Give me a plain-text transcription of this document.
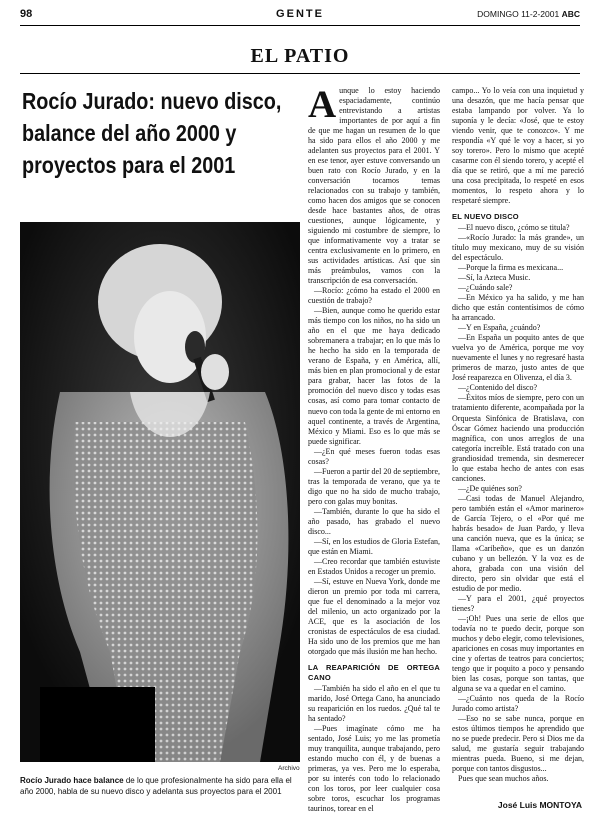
98	GENTE	DOMINGO 11-2-2001 ABC
EL PATIO
Rocío Jurado: nuevo disco,
balance del año 2000 y
proyectos para el 2001
Archivo
Rocío Jurado hace balance de lo que profesionalmente ha sido para ella el año 2000, habla de su nuevo disco y adelanta sus proyectos para el 2001

Aunque lo estoy haciendo espaciadamente, continúo entrevistando a artistas importantes de por aquí a fin de que me hagan un resumen de lo que ha sido para ellos el año 2000 y me adelanten sus proyectos para el 2001. Y en ese tenor, ayer estuve conversando un buen rato con Rocío Jurado, y en la conversación tocamos temas relacionados con su trabajo y también, como hacen dos amigos que se conocen desde hace bastantes años, de otras cuestiones, aunque lógicamente, y siguiendo mi costumbre de siempre, lo que informativamente voy a tratar se centra exclusivamente en lo primero, en sus actividades artísticas. Así que sin más preámbulos, vamos con la transcripción de esa conversación.

—Rocío: ¿cómo ha estado el 2000 en cuestión de trabajo?

—Bien, aunque como he querido estar más tiempo con los niños, no ha sido un año en el que me haya dedicado sobremanera a trabajar; en lo que más lo he hecho ha sido en la temporada de verano de España, y en América, allí, más bien en plan promocional y de estar para grabar, hacer las fotos de la promoción del nuevo disco y todas esas cosas, así como para tomar contacto de nuevo con toda la gente de mi entorno en aquel continente, a través de Argentina, México y Miami. Eso es lo que más se puede significar.

—¿En qué meses fueron todas esas cosas?

—Fueron a partir del 20 de septiembre, tras la temporada de verano, que ya te digo que no ha sido de mucho trabajo, pero con galas muy bonitas.

—También, durante lo que ha sido el año pasado, has grabado el nuevo disco...

—Sí, en los estudios de Gloria Estefan, que están en Miami.

—Creo recordar que también estuviste en Estados Unidos a recoger un premio.

—Sí, estuve en Nueva York, donde me dieron un premio por toda mi carrera, que fue el denominado a la mejor voz del milenio, un acto organizado por la ACE, que es la asociación de los cronistas de espectáculos de esa ciudad. Ha sido uno de los premios que me han otorgado que más ilusión me han hecho.

LA REAPARICIÓN DE ORTEGA CANO

—También ha sido el año en el que tu marido, José Ortega Cano, ha anunciado su reaparición en los ruedos. ¿Qué tal te ha sentado?

—Pues imagínate cómo me ha sentado, José Luis; yo me las prometía muy tranquilita, aunque trabajando, pero estando mucho con él, y de buenas a primeras, ya ves. Pero me lo esperaba, por su interés con todo lo relacionado con los toros, por leer cualquier cosa sobre toros, escuchar los programas taurinos, torear en el

campo... Yo lo veía con una inquietud y una desazón, que me hacía pensar que estaba lampando por volver. Ya lo suponía y le decía: «José, que te estoy viendo venir, que te conozco». Y me respondía «Y qué le voy a hacer, si yo soy torero». Pero lo mismo que acepté casarme con él siendo torero, y acepté el día que se retiró, que a mí me pareció una cosa precipitada, lo respeté en esos momentos, lo respeto ahora y lo respetaré siempre.

EL NUEVO DISCO

—El nuevo disco, ¿cómo se titula?

—«Rocío Jurado: la más grande», un título muy mexicano, muy de su visión del espectáculo.

—Porque la firma es mexicana...

—Sí, la Azteca Music.

—¿Cuándo sale?

—En México ya ha salido, y me han dicho que están contentísimos de cómo ha arrancado.

—Y en España, ¿cuándo?

—En España un poquito antes de que vuelva yo de América, porque me voy nuevamente el lunes y no regresaré hasta primeros de marzo, justo antes de que José reaparezca en Olivenza, el día 3.

—¿Contenido del disco?

—Éxitos míos de siempre, pero con un tratamiento diferente, acompañada por la Orquesta Sinfónica de Bratislava, con Óscar Gómez haciendo una producción magnífica, con unos arreglos de una categoría increíble. Está tratado con una grandiosidad tremenda, sin desmerecer lo que estaba hecho de antes con esas canciones.

—¿De quiénes son?

—Casi todas de Manuel Alejandro, pero también están el «Amor marinero» de García Tejero, o el «Por qué me habrás besado» de Juan Pardo, y lleva una canción nueva, que es la única; se llama «Caribeño», que es un danzón cubano y un bellezón. Y la voz es de ahora, grabada con una visión del directo, pero sin olvidar que está el estudio de por medio.

—Y para el 2001, ¿qué proyectos tienes?

—¡Oh! Pues una serie de ellos que todavía no te puedo decir, porque son muchos y debo elegir, como televisiones, apariciones en cosas muy importantes en cine y ofertas de teatros para conciertos; tengo que ir poquito a poco y pensando bien las cosas, porque son tantas, que alguna se va a quedar en el camino.

—¿Cuánto nos queda de la Rocío Jurado como artista?

—Eso no se sabe nunca, porque en estos últimos tiempos he aprendido que no se puede predecir. Pero si Dios me da salud, me gustaría seguir trabajando mientras pueda. Bueno, si me dejan, porque con tantos disgustos...

Pues que sean muchos años.

José Luis MONTOYA
